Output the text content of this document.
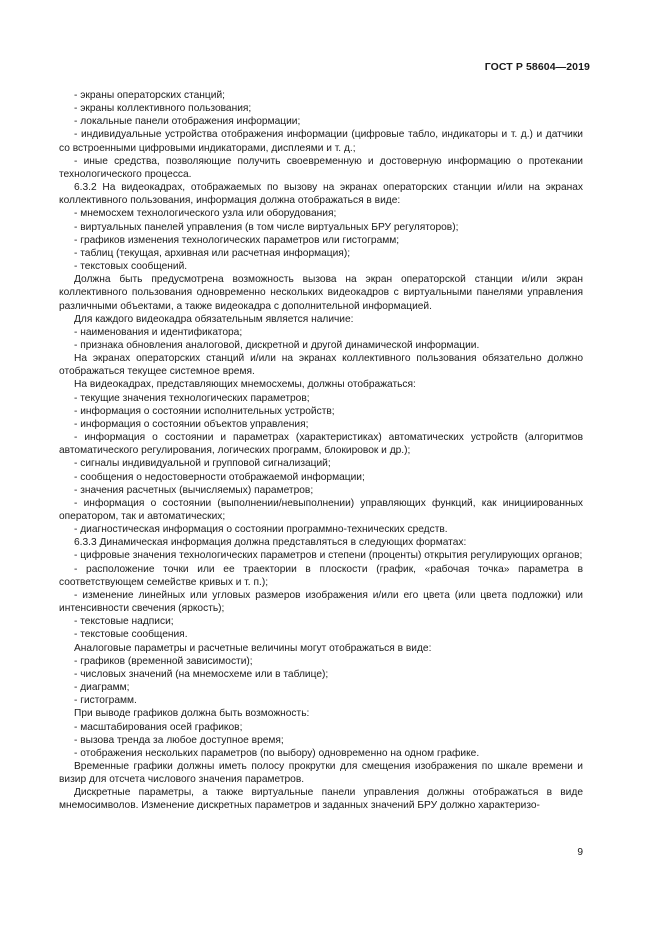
ГОСТ Р 58604—2019

- экраны операторских станций;

- экраны коллективного пользования;

- локальные панели отображения информации;

- индивидуальные устройства отображения информации (цифровые табло, индикаторы и т. д.) и датчики со встроенными цифровыми индикаторами, дисплеями и т. д.;

- иные средства, позволяющие получить своевременную и достоверную информацию о протекании технологического процесса.

6.3.2 На видеокадрах, отображаемых по вызову на экранах операторских станции и/или на экранах коллективного пользования, информация должна отображаться в виде:

- мнемосхем технологического узла или оборудования;

- виртуальных панелей управления (в том числе виртуальных БРУ регуляторов);

- графиков изменения технологических параметров или гистограмм;

- таблиц (текущая, архивная или расчетная информация);

- текстовых сообщений.

Должна быть предусмотрена возможность вызова на экран операторской станции и/или экран коллективного пользования одновременно нескольких видеокадров с виртуальными панелями управления различными объектами, а также видеокадра с дополнительной информацией.

Для каждого видеокадра обязательным является наличие:

- наименования и идентификатора;

- признака обновления аналоговой, дискретной и другой динамической информации.

На экранах операторских станций и/или на экранах коллективного пользования обязательно должно отображаться текущее системное время.

На видеокадрах, представляющих мнемосхемы, должны отображаться:

- текущие значения технологических параметров;

- информация о состоянии исполнительных устройств;

- информация о состоянии объектов управления;

- информация о состоянии и параметрах (характеристиках) автоматических устройств (алгоритмов автоматического регулирования, логических программ, блокировок и др.);

- сигналы индивидуальной и групповой сигнализаций;

- сообщения о недостоверности отображаемой информации;

- значения расчетных (вычисляемых) параметров;

- информация о состоянии (выполнении/невыполнении) управляющих функций, как инициированных оператором, так и автоматических;

- диагностическая информация о состоянии программно-технических средств.

6.3.3 Динамическая информация должна представляться в следующих форматах:

- цифровые значения технологических параметров и степени (проценты) открытия регулирующих органов;

- расположение точки или ее траектории в плоскости (график, «рабочая точка» параметра в соответствующем семействе кривых и т. п.);

- изменение линейных или угловых размеров изображения и/или его цвета (или цвета подложки) или интенсивности свечения (яркость);

- текстовые надписи;

- текстовые сообщения.

Аналоговые параметры и расчетные величины могут отображаться в виде:

- графиков (временной зависимости);

- числовых значений (на мнемосхеме или в таблице);

- диаграмм;

- гистограмм.

При выводе графиков должна быть возможность:

- масштабирования осей графиков;

- вызова тренда за любое доступное время;

- отображения нескольких параметров (по выбору) одновременно на одном графике.

Временные графики должны иметь полосу прокрутки для смещения изображения по шкале времени и визир для отсчета числового значения параметров.

Дискретные параметры, а также виртуальные панели управления должны отображаться в виде мнемосимволов. Изменение дискретных параметров и заданных значений БРУ должно характеризо-

9
